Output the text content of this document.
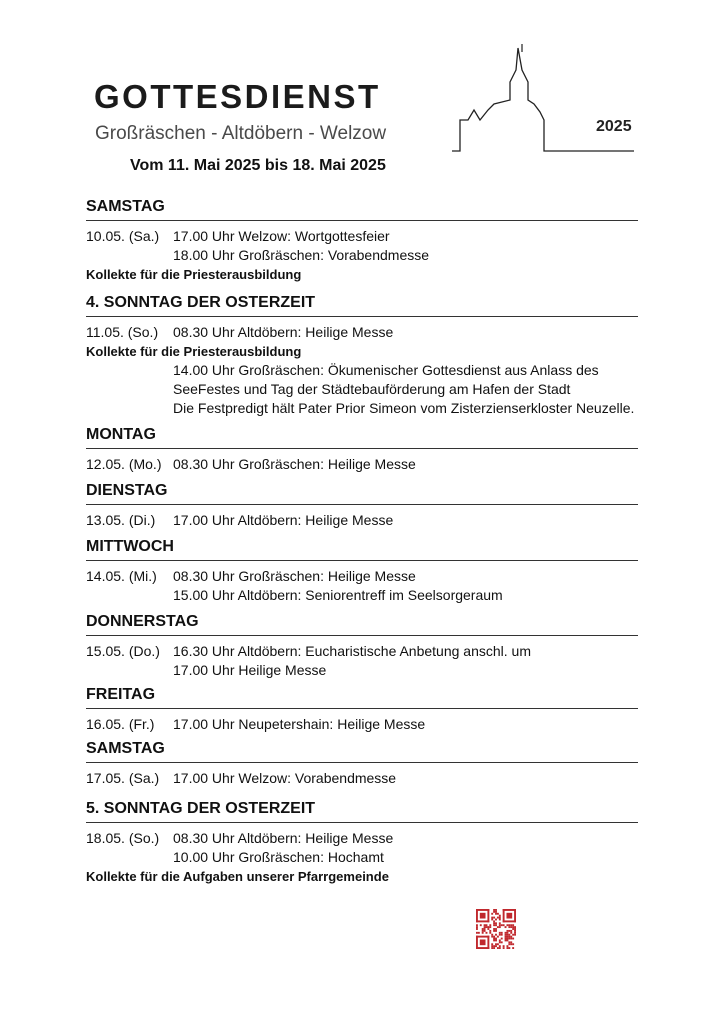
GOTTESDIENST
Großräschen - Altdöbern - Welzow	2025
Vom 11. Mai 2025 bis 18. Mai 2025
SAMSTAG
10.05. (Sa.) 17.00 Uhr Welzow: Wortgottesfeier
18.00 Uhr Großräschen: Vorabendmesse
Kollekte für die Priesterausbildung
4. SONNTAG DER OSTERZEIT
11.05. (So.)	08.30 Uhr Altdöbern: Heilige Messe
Kollekte für die Priesterausbildung
14.00 Uhr Großräschen: Ökumenischer Gottesdienst aus Anlass des SeeFestes und Tag der Städtebauförderung am Hafen der Stadt
Die Festpredigt hält Pater Prior Simeon vom Zisterzienserkloster Neuzelle.
MONTAG
12.05. (Mo.) 08.30 Uhr Großräschen: Heilige Messe
DIENSTAG
13.05. (Di.)	17.00 Uhr Altdöbern: Heilige Messe
MITTWOCH
14.05. (Mi.)	08.30 Uhr Großräschen: Heilige Messe
15.00 Uhr Altdöbern: Seniorentreff im Seelsorgeraum
DONNERSTAG
15.05. (Do.) 16.30 Uhr Altdöbern: Eucharistische Anbetung anschl. um
17.00 Uhr Heilige Messe
FREITAG
16.05. (Fr.)	17.00 Uhr Neupetershain: Heilige Messe
SAMSTAG
17.05. (Sa.) 17.00 Uhr Welzow: Vorabendmesse
5. SONNTAG DER OSTERZEIT
18.05. (So.) 08.30 Uhr Altdöbern: Heilige Messe
10.00 Uhr Großräschen: Hochamt
Kollekte für die Aufgaben unserer Pfarrgemeinde
